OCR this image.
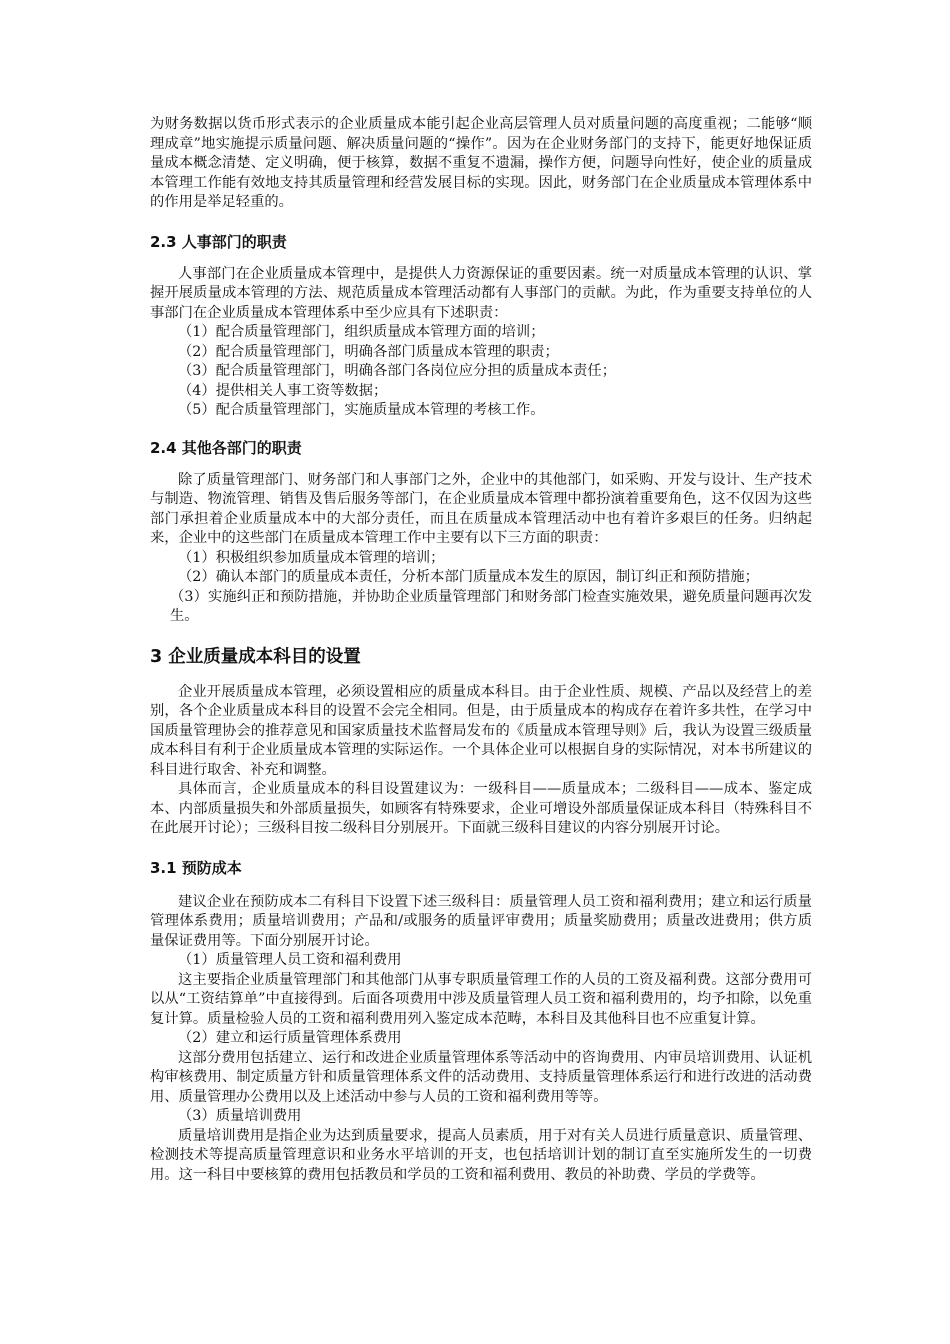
为财务数据以货币形式表示的企业质量成本能引起企业高层管理人员对质量问题的高度重视；二能够“顺理成章”地实施提示质量问题、解决质量问题的“操作”。因为在企业财务部门的支持下，能更好地保证质量成本概念清楚、定义明确，便于核算，数据不重复不遗漏，操作方便，问题导向性好，使企业的质量成本管理工作能有效地支持其质量管理和经营发展目标的实现。因此，财务部门在企业质量成本管理体系中的作用是举足轻重的。

2.3 人事部门的职责

人事部门在企业质量成本管理中，是提供人力资源保证的重要因素。统一对质量成本管理的认识、掌握开展质量成本管理的方法、规范质量成本管理活动都有人事部门的贡献。为此，作为重要支持单位的人事部门在企业质量成本管理体系中至少应具有下述职责：

（1）配合质量管理部门，组织质量成本管理方面的培训；

（2）配合质量管理部门，明确各部门质量成本管理的职责；

（3）配合质量管理部门，明确各部门各岗位应分担的质量成本责任；

（4）提供相关人事工资等数据；

（5）配合质量管理部门，实施质量成本管理的考核工作。

2.4 其他各部门的职责

除了质量管理部门、财务部门和人事部门之外，企业中的其他部门，如采购、开发与设计、生产技术与制造、物流管理、销售及售后服务等部门，在企业质量成本管理中都扮演着重要角色，这不仅因为这些部门承担着企业质量成本中的大部分责任，而且在质量成本管理活动中也有着许多艰巨的任务。归纳起来，企业中的这些部门在质量成本管理工作中主要有以下三方面的职责：

（1）积极组织参加质量成本管理的培训；

（2）确认本部门的质量成本责任，分析本部门质量成本发生的原因，制订纠正和预防措施；

（3）实施纠正和预防措施，并协助企业质量管理部门和财务部门检查实施效果，避免质量问题再次发生。

3 企业质量成本科目的设置

企业开展质量成本管理，必须设置相应的质量成本科目。由于企业性质、规模、产品以及经营上的差别，各个企业质量成本科目的设置不会完全相同。但是，由于质量成本的构成存在着许多共性，在学习中国质量管理协会的推荐意见和国家质量技术监督局发布的《质量成本管理导则》后，我认为设置三级质量成本科目有利于企业质量成本管理的实际运作。一个具体企业可以根据自身的实际情况，对本书所建议的科目进行取舍、补充和调整。

具体而言，企业质量成本的科目设置建议为：一级科目——质量成本；二级科目——成本、鉴定成本、内部质量损失和外部质量损失，如顾客有特殊要求，企业可增设外部质量保证成本科目（特殊科目不在此展开讨论）；三级科目按二级科目分别展开。下面就三级科目建议的内容分别展开讨论。

3.1 预防成本

建议企业在预防成本二有科目下设置下述三级科目：质量管理人员工资和福利费用；建立和运行质量管理体系费用；质量培训费用；产品和/或服务的质量评审费用；质量奖励费用；质量改进费用；供方质量保证费用等。下面分别展开讨论。

（1）质量管理人员工资和福利费用

这主要指企业质量管理部门和其他部门从事专职质量管理工作的人员的工资及福利费。这部分费用可以从“工资结算单”中直接得到。后面各项费用中涉及质量管理人员工资和福利费用的，均予扣除，以免重复计算。质量检验人员的工资和福利费用列入鉴定成本范畴，本科目及其他科目也不应重复计算。

（2）建立和运行质量管理体系费用

这部分费用包括建立、运行和改进企业质量管理体系等活动中的咨询费用、内审员培训费用、认证机构审核费用、制定质量方针和质量管理体系文件的活动费用、支持质量管理体系运行和进行改进的活动费用、质量管理办公费用以及上述活动中参与人员的工资和福利费用等等。

（3）质量培训费用

质量培训费用是指企业为达到质量要求，提高人员素质，用于对有关人员进行质量意识、质量管理、检测技术等提高质量管理意识和业务水平培训的开支，也包括培训计划的制订直至实施所发生的一切费用。这一科目中要核算的费用包括教员和学员的工资和福利费用、教员的补助费、学员的学费等。
